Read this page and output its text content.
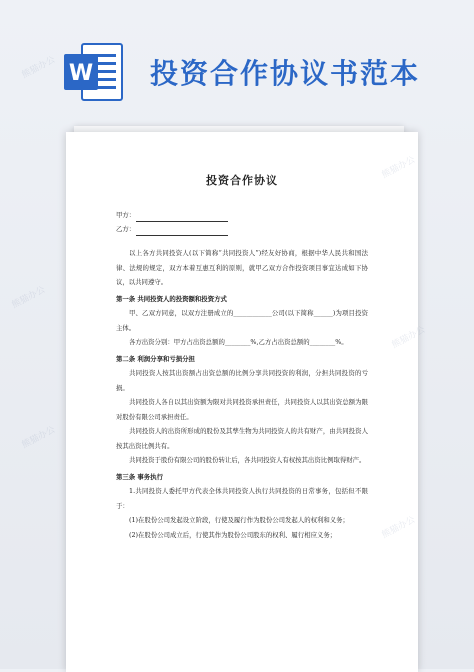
W 投资合作协议书范本
投资合作协议
甲方：
乙方：

以上各方共同投资人(以下简称“共同投资人”)经友好协商，根据中华人民共和国法律、法规的规定，双方本着互惠互利的原则，就甲乙双方合作投资项目事宜达成如下协议，以共同遵守。

第一条 共同投资人的投资额和投资方式

甲、乙双方同意，以双方注册成立的____________公司(以下简称______)为项目投资主体。

各方出资分别：甲方占出资总额的________%,乙方占出资总额的________%。

第二条 利润分享和亏损分担

共同投资人按其出资额占出资总额的比例分享共同投资的利润，分担共同投资的亏损。

共同投资人各自以其出资额为限对共同投资承担责任，共同投资人以其出资总额为限对股份有限公司承担责任。

共同投资人的出资所形成的股份及其孳生物为共同投资人的共有财产，由共同投资人按其出资比例共有。

共同投资于股份有限公司的股份转让后，各共同投资人有权按其出资比例取得财产。

第三条 事务执行

1.共同投资人委托甲方代表全体共同投资人执行共同投资的日常事务，包括但不限于：

(1)在股份公司发起设立阶段，行使及履行作为股份公司发起人的权利和义务；

(2)在股份公司成立后，行使其作为股份公司股东的权利、履行相应义务；

熊猫办公
熊猫办公
熊猫办公
